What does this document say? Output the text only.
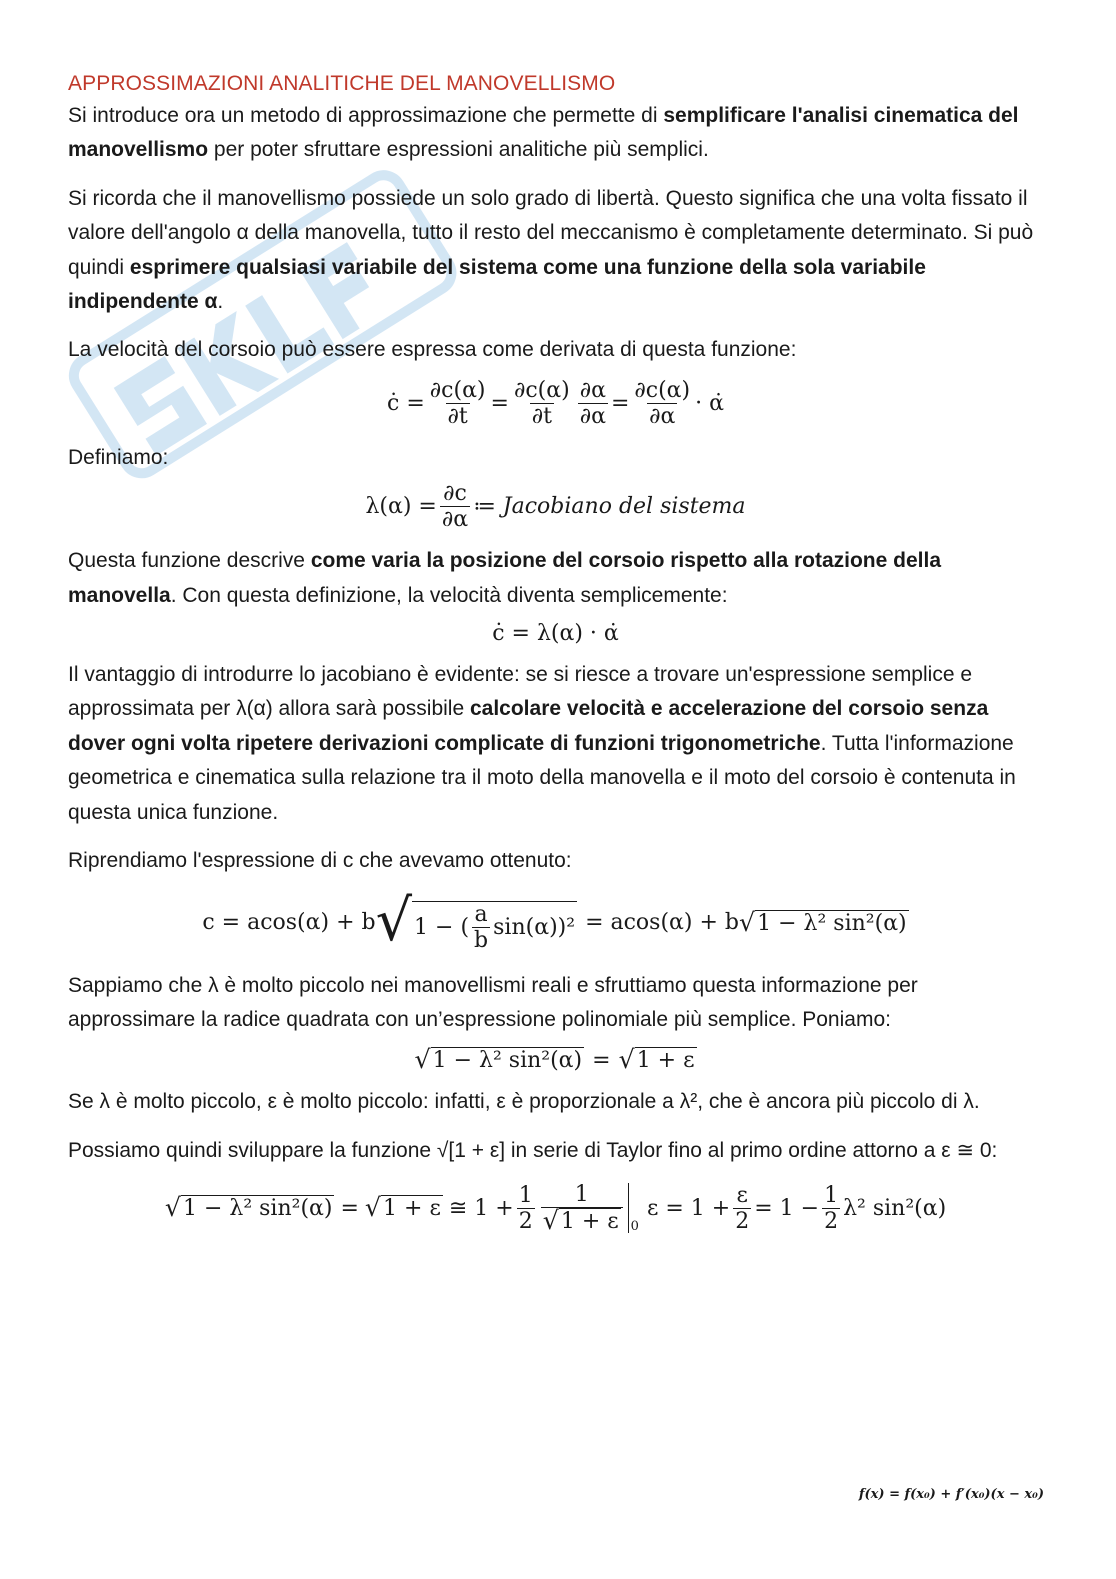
APPROSSIMAZIONI ANALITICHE DEL MANOVELLISMO

Si introduce ora un metodo di approssimazione che permette di semplificare l'analisi cinematica del manovellismo per poter sfruttare espressioni analitiche più semplici.

Si ricorda che il manovellismo possiede un solo grado di libertà. Questo significa che una volta fissato il valore dell'angolo α della manovella, tutto il resto del meccanismo è completamente determinato. Si può quindi esprimere qualsiasi variabile del sistema come una funzione della sola variabile indipendente α.

La velocità del corsoio può essere espressa come derivata di questa funzione:

ċ = $\frac{\partial c(\alpha)}{\partial t} = \frac{\partial c(\alpha)}{\partial t} \frac{\partial\alpha}{\partial\alpha} = \frac{\partial c(\alpha)}{\partial\alpha}$ · α̇

Definiamo:

$\lambda(\alpha) = \frac{\partial c}{\partial\alpha}$ ≔ Jacobiano del sistema

Questa funzione descrive come varia la posizione del corsoio rispetto alla rotazione della manovella. Con questa definizione, la velocità diventa semplicemente:

ċ = λ(α) · α̇

Il vantaggio di introdurre lo jacobiano è evidente: se si riesce a trovare un'espressione semplice e approssimata per λ(α) allora sarà possibile calcolare velocità e accelerazione del corsoio senza dover ogni volta ripetere derivazioni complicate di funzioni trigonometriche. Tutta l'informazione geometrica e cinematica sulla relazione tra il moto della manovella e il moto del corsoio è contenuta in questa unica funzione.

Riprendiamo l'espressione di c che avevamo ottenuto:

c = acos(α) + b √ 1 − ( $\frac{a}{b} \sin(\alpha))^2 = acos(\alpha) + b$ √ 1 − λ² sin²(α)

Sappiamo che λ è molto piccolo nei manovellismi reali e sfruttiamo questa informazione per approssimare la radice quadrata con un’espressione polinomiale più semplice. Poniamo:

√ 1 − λ² sin²(α) = √ 1 + ε

Se λ è molto piccolo, ε è molto piccolo: infatti, ε è proporzionale a λ², che è ancora più piccolo di λ.

Possiamo quindi sviluppare la funzione √[1 + ε] in serie di Taylor fino al primo ordine attorno a ε ≅ 0:

√ 1 − λ² sin²(α) = √ 1 + ε ≅ $1 + \frac{1}{2} \frac{1}{√ 1 + \varepsilon} 0$
$\varepsilon = 1 + \frac{\varepsilon}{2} = 1 - \frac{1}{2} \lambda^2$ sin²(α)
f(x) = f(x₀) + f′(x₀)(x − x₀)
